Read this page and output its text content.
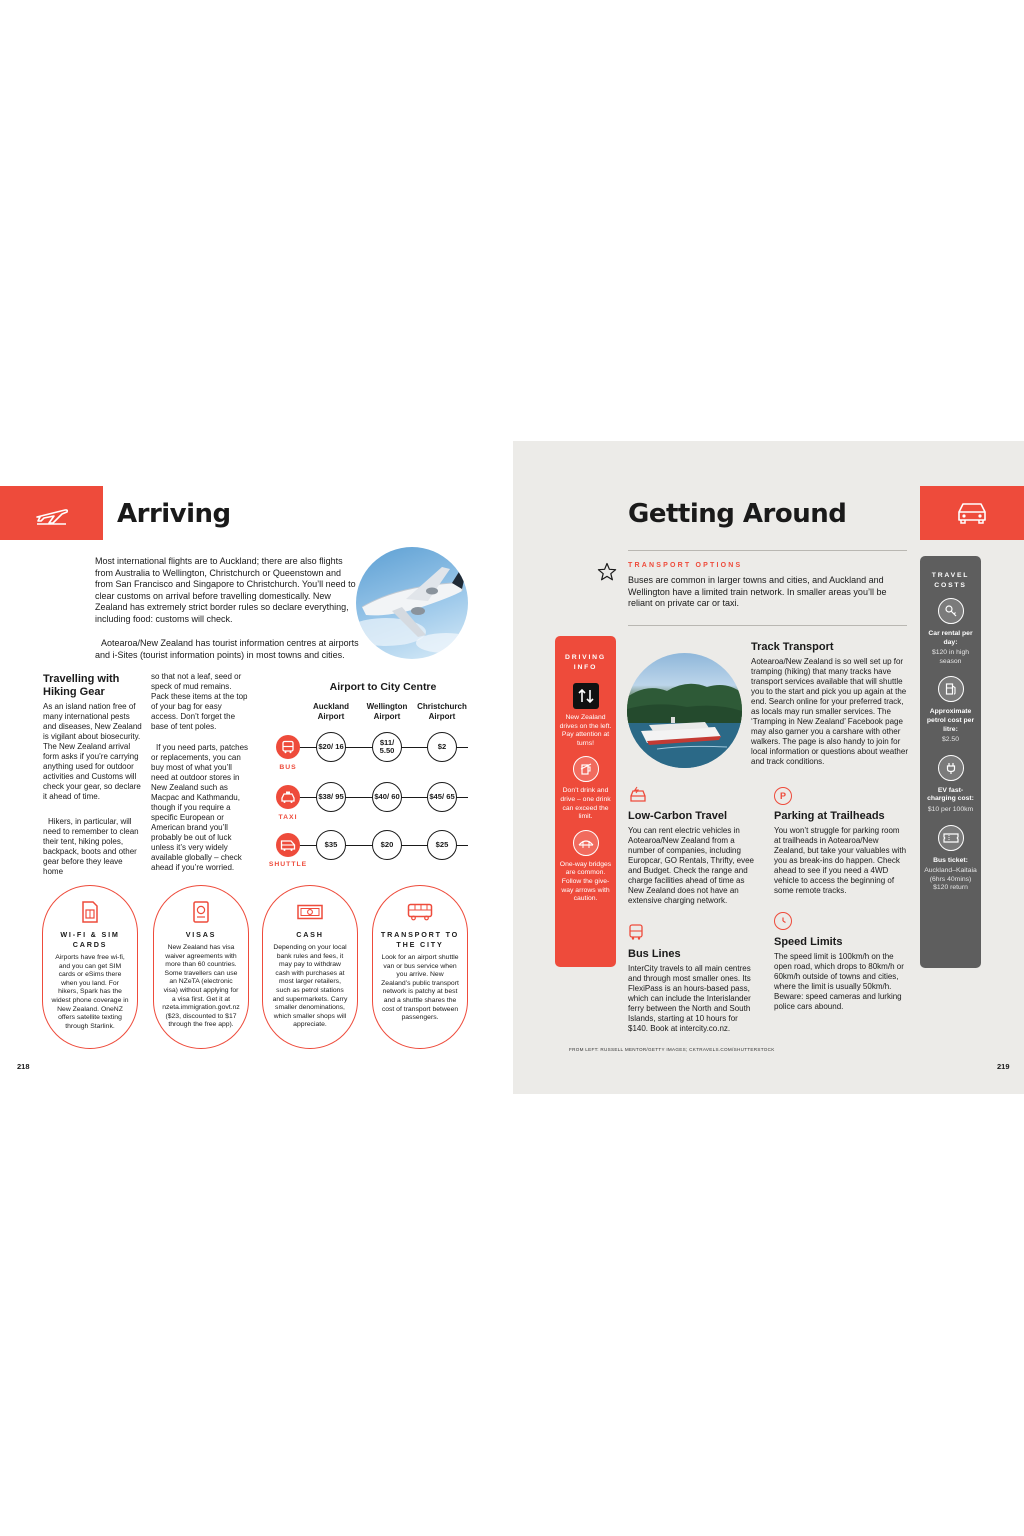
Arriving
Most international flights are to Auckland; there are also flights from Australia to Wellington, Christchurch or Queenstown and from San Francisco and Singapore to Christchurch. You’ll need to clear customs on arrival before travelling domestically. New Zealand has extremely strict border rules so declare everything, including food: customs will check.
Aotearoa/New Zealand has tourist information centres at airports and i-Sites (tourist information points) in most towns and cities.
Travelling with Hiking Gear
As an island nation free of many international pests and diseases, New Zealand is vigilant about biosecurity. The New Zealand arrival form asks if you’re carrying anything used for outdoor activities and Customs will check your gear, so declare it ahead of time.
Hikers, in particular, will need to remember to clean their tent, hiking poles, backpack, boots and other gear before they leave home
so that not a leaf, seed or speck of mud remains. Pack these items at the top of your bag for easy access. Don’t forget the base of tent poles.
If you need parts, patches or replacements, you can buy most of what you’ll need at outdoor stores in New Zealand such as Macpac and Kathmandu, though if you require a specific European or American brand you’ll probably be out of luck unless it’s very widely available globally – check ahead if you’re worried.
Airport to City Centre
Auckland Airport
Wellington Airport
Christchurch Airport
BUS
$20/ 16	$11/ 5.50	$2
TAXI
$38/ 95	$40/ 60	$45/ 65
SHUTTLE
$35	$20	$25
WI-FI & SIM CARDS
Airports have free wi-fi, and you can get SIM cards or eSims there when you land. For hikers, Spark has the widest phone coverage in New Zealand. OneNZ offers satellite texting through Starlink.
VISAS
New Zealand has visa waiver agreements with more than 60 countries. Some travellers can use an NZeTA (electronic visa) without applying for a visa first. Get it at nzeta.immigration.govt.nz ($23, discounted to $17 through the free app).
CASH
Depending on your local bank rules and fees, it may pay to withdraw cash with purchases at most larger retailers, such as petrol stations and supermarkets. Carry smaller denominations, which smaller shops will appreciate.
TRANSPORT TO THE CITY
Look for an airport shuttle van or bus service when you arrive. New Zealand’s public transport network is patchy at best and a shuttle shares the cost of transport between passengers.
218
Getting Around
TRANSPORT OPTIONS
Buses are common in larger towns and cities, and Auckland and Wellington have a limited train network. In smaller areas you’ll be reliant on private car or taxi.
DRIVING INFO
New Zealand drives on the left. Pay attention at turns!
Don’t drink and drive – one drink can exceed the limit.
One-way bridges are common. Follow the give-way arrows with caution.
Track Transport
Aotearoa/New Zealand is so well set up for tramping (hiking) that many tracks have transport services available that will shuttle you to the start and pick you up again at the end. Search online for your preferred track, as locals may run smaller services. The ‘Tramping in New Zealand’ Facebook page may also garner you a carshare with other walkers. The page is also handy to join for local information or questions about weather and track conditions.
Low-Carbon Travel
You can rent electric vehicles in Aotearoa/New Zealand from a number of companies, including Europcar, GO Rentals, Thrifty, evee and Budget. Check the range and charge facilities ahead of time as New Zealand does not have an extensive charging network.
Bus Lines
InterCity travels to all main centres and through most smaller ones. Its FlexiPass is an hours-based pass, which can include the Interislander ferry between the North and South Islands, starting at 10 hours for $140. Book at intercity.co.nz.
P
Parking at Trailheads
You won’t struggle for parking room at trailheads in Aotearoa/New Zealand, but take your valuables with you as break-ins do happen. Check ahead to see if you need a 4WD vehicle to access the beginning of some remote tracks.
Speed Limits
The speed limit is 100km/h on the open road, which drops to 80km/h or 60km/h outside of towns and cities, where the limit is usually 50km/h. Beware: speed cameras and lurking police cars abound.
TRAVEL COSTS
Car rental per day:
$120 in high season
Approximate petrol cost per litre:
$2.50
EV fast-charging cost:
$10 per 100km
Bus ticket:
Auckland–Kaitaia (6hrs 40mins) $120 return
FROM LEFT: RUSSELL MENTOR/GETTY IMAGES; CKTRAVELS.COM/SHUTTERSTOCK
219
